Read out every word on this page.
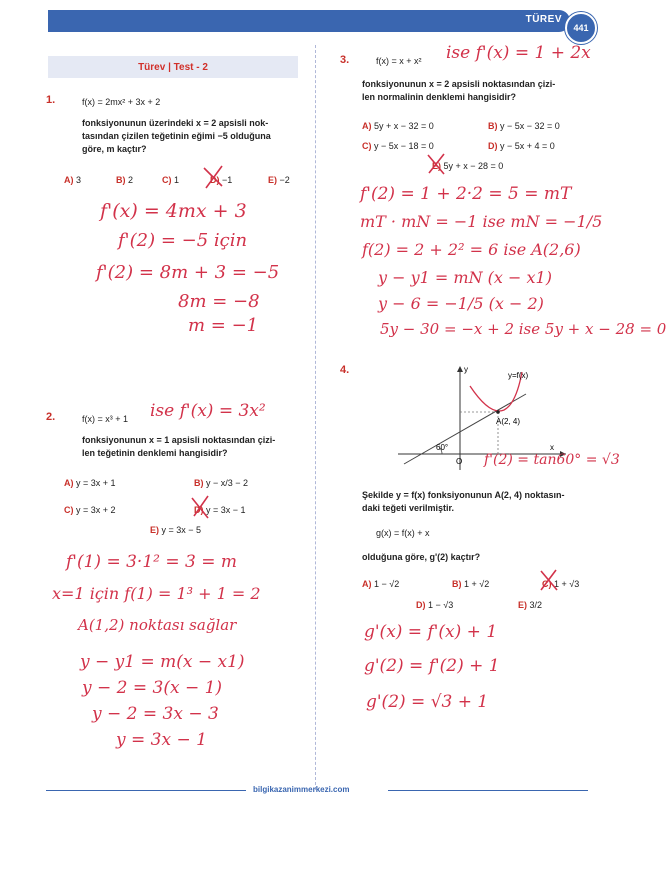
TÜREV
441
Türev | Test - 2
1.	f(x) = 2mx² + 3x + 2
fonksiyonunun üzerindeki x = 2 apsisli nok-
tasından çizilen teğetinin eğimi −5 olduğuna
göre, m kaçtır?
A) 3	B) 2	C) 1	D) −1	E) −2
f'(x) = 4mx + 3
f'(2) = −5 için
f'(2) = 8m + 3 = −5
8m = −8
m = −1
2.	f(x) = x³ + 1 ise f'(x) = 3x²
fonksiyonunun x = 1 apsisli noktasından çizi-
len teğetinin denklemi hangisidir?
A) y = 3x + 1	B) y − x/3 − 2
C) y = 3x + 2	D) y = 3x − 1
E) y = 3x − 5
f'(1) = 3·1² = 3 = m
x=1 için f(1) = 1³ + 1 = 2
A(1,2) noktası sağlar
y − y1 = m(x − x1)
y − 2 = 3(x − 1)
y − 2 = 3x − 3
y = 3x − 1
3.	f(x) = x + x² ise f'(x) = 1 + 2x
fonksiyonunun x = 2 apsisli noktasından çizi-
len normalinin denklemi hangisidir?
A) 5y + x − 32 = 0	B) y − 5x − 32 = 0
C) y − 5x − 18 = 0	D) y − 5x + 4 = 0
E) 5y + x − 28 = 0
f'(2) = 1 + 2·2 = 5 = mT
mT · mN = −1 ise mN = −1/5
f(2) = 2 + 2² = 6 ise A(2,6)
y − y1 = mN (x − x1)
y − 6 = −1/5 (x − 2)
5y − 30 = −x + 2 ise 5y + x − 28 = 0
4.	y
x
y=f(x)
A(2, 4)
60°
O f'(2) = tan60° = √3
Şekilde y = f(x) fonksiyonunun A(2, 4) noktasın-
daki teğeti verilmiştir.
g(x) = f(x) + x
olduğuna göre, g'(2) kaçtır?
A) 1 − √2	B) 1 + √2	C) 1 + √3
D) 1 − √3	E) 3/2
g'(x) = f'(x) + 1
g'(2) = f'(2) + 1
g'(2) = √3 + 1
bilgikazanimmerkezi.com
